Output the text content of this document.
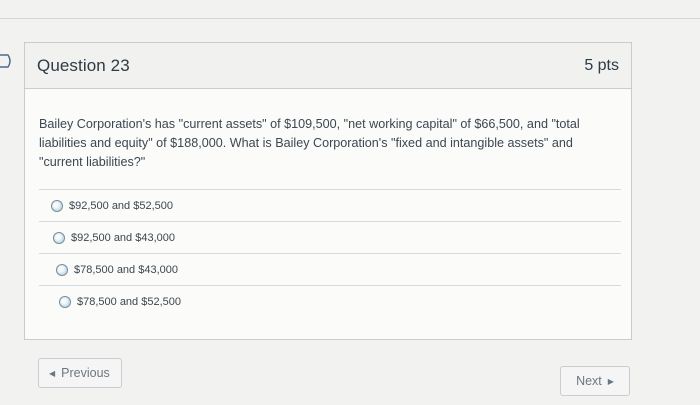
Question 23	5 pts
Bailey Corporation's has "current assets" of $109,500, "net working capital" of $66,500, and "total liabilities and equity" of $188,000. What is Bailey Corporation's "fixed and intangible assets" and "current liabilities?"
$92,500 and $52,500
$92,500 and $43,000
$78,500 and $43,000
$78,500 and $52,500
◀ Previous
Next ▶
